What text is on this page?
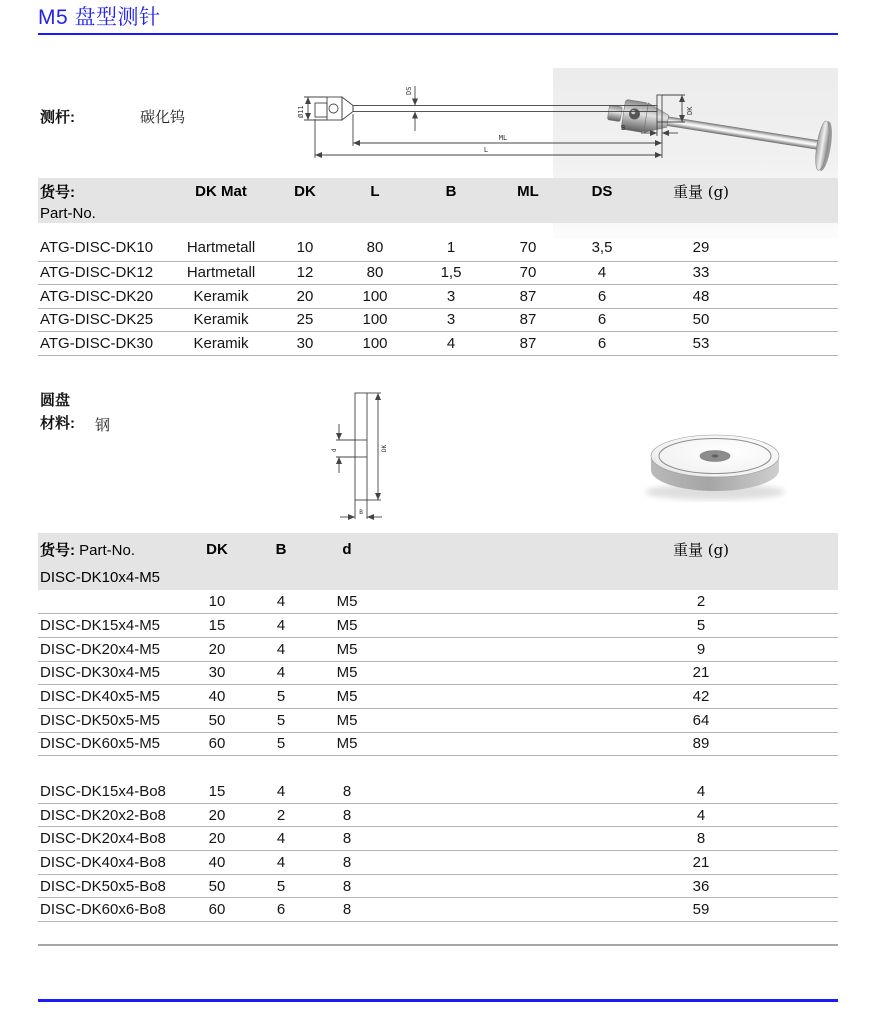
M5 盘型测针
测杆:	碳化钨	Ø11
DS
DK
B
ML
L
货号:	DK Mat	DK	L	B	ML	DS	重量 (g)
Part-No.							
ATG-DISC-DK10	Hartmetall	10	80	1	70	3,5	29
ATG-DISC-DK12	Hartmetall	12	80	1,5	70	4	33
ATG-DISC-DK20	Keramik	20	100	3	87	6	48
ATG-DISC-DK25	Keramik	25	100	3	87	6	50
ATG-DISC-DK30	Keramik	30	100	4	87	6	53
圆盘
材料: 钢
d	DK
B
货号: Part-No.	DK	B	d	重量 (g)
DISC-DK10x4-M5				
	10	4	M5	2
DISC-DK15x4-M5	15	4	M5	5
DISC-DK20x4-M5	20	4	M5	9
DISC-DK30x4-M5	30	4	M5	21
DISC-DK40x5-M5	40	5	M5	42
DISC-DK50x5-M5	50	5	M5	64
DISC-DK60x5-M5	60	5	M5	89

DISC-DK15x4-Bo8	15	4	8	4
DISC-DK20x2-Bo8	20	2	8	4
DISC-DK20x4-Bo8	20	4	8	8
DISC-DK40x4-Bo8	40	4	8	21
DISC-DK50x5-Bo8	50	5	8	36
DISC-DK60x6-Bo8	60	6	8	59
